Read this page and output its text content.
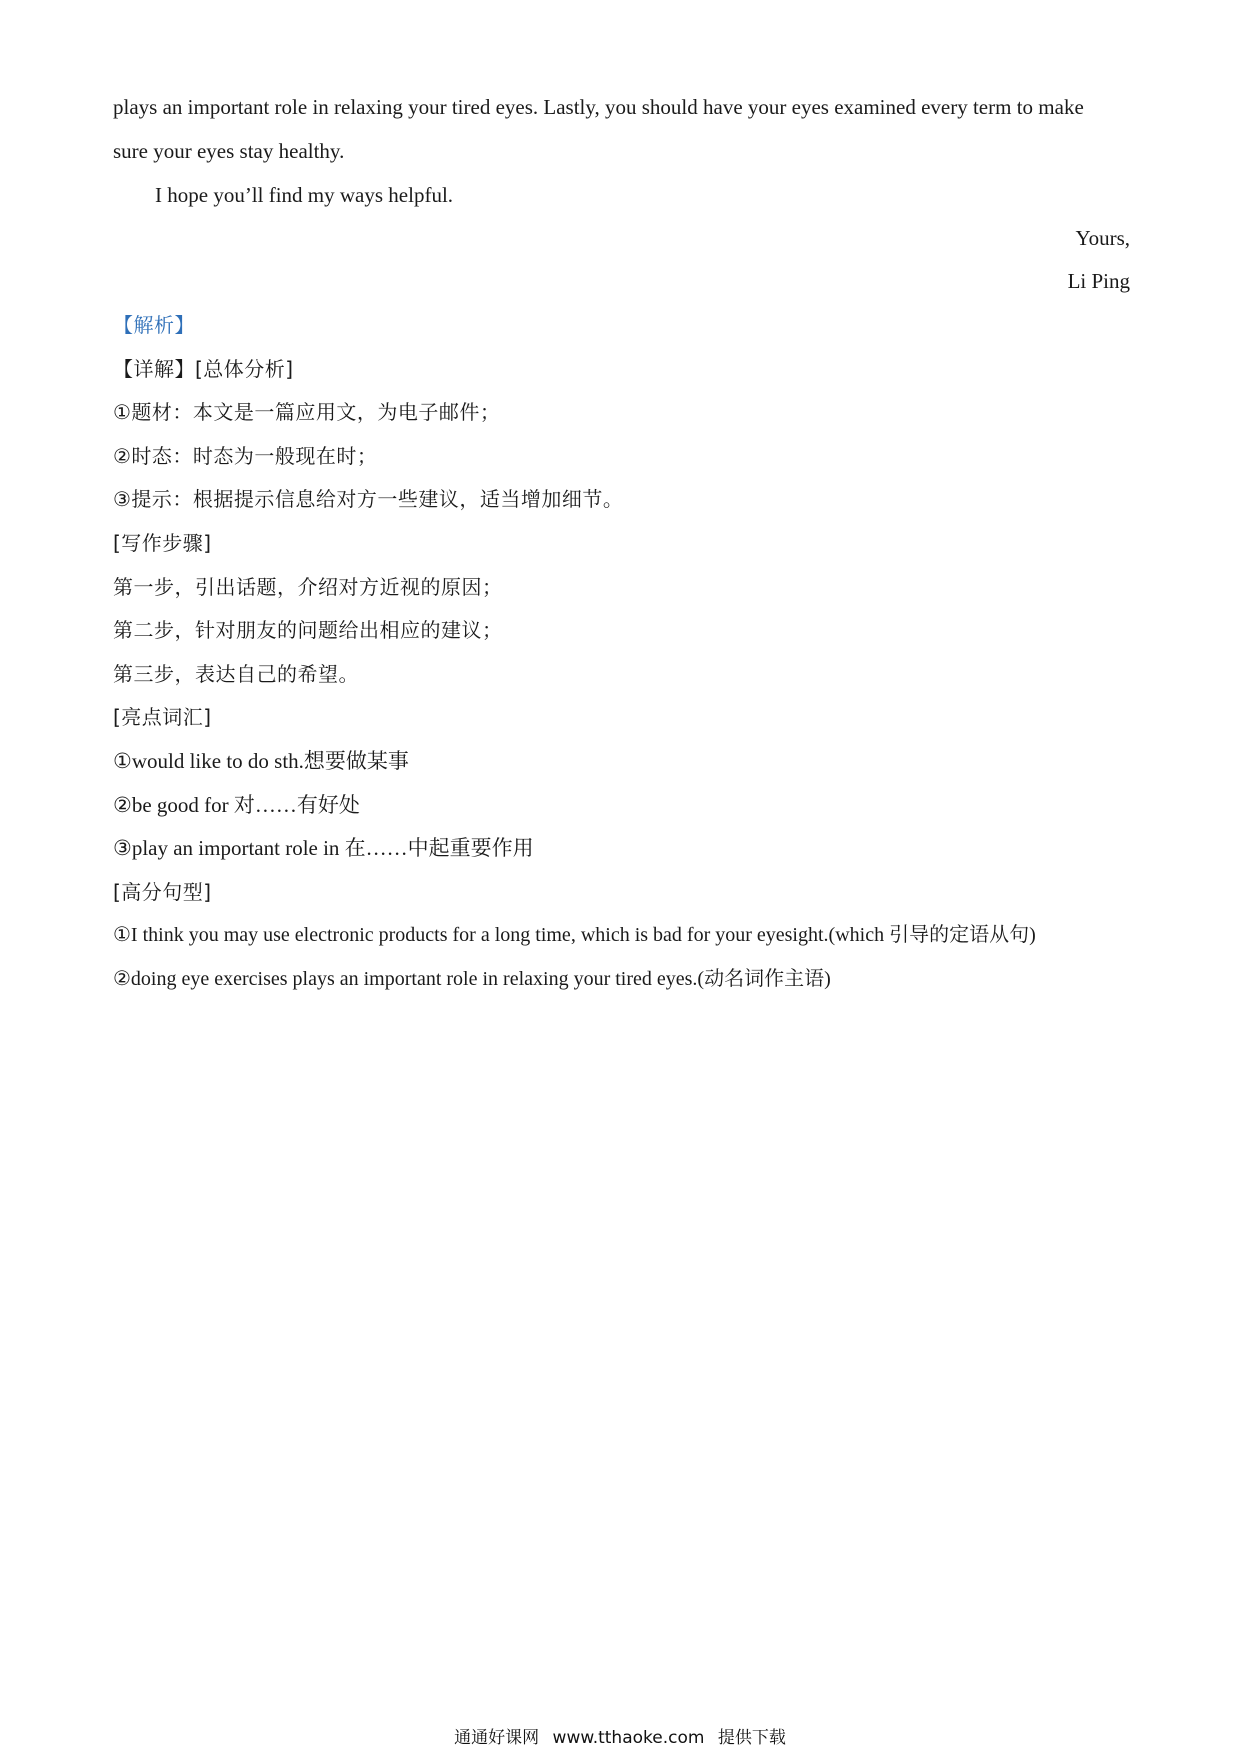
plays an important role in relaxing your tired eyes. Lastly, you should have your eyes examined every term to make
sure your eyes stay healthy.
I hope you’ll find my ways helpful.
Yours,
Li Ping
【解析】
【详解】[总体分析]
①题材：本文是一篇应用文，为电子邮件；
②时态：时态为一般现在时；
③提示：根据提示信息给对方一些建议，适当增加细节。
[写作步骤]
第一步，引出话题，介绍对方近视的原因；
第二步，针对朋友的问题给出相应的建议；
第三步，表达自己的希望。
[亮点词汇]
①would like to do sth.想要做某事
②be good for 对……有好处
③play an important role in 在……中起重要作用
[高分句型]
①I think you may use electronic products for a long time, which is bad for your eyesight.(which 引导的定语从句)
②doing eye exercises plays an important role in relaxing your tired eyes.(动名词作主语)
通通好课网 www.tthaoke.com 提供下载
